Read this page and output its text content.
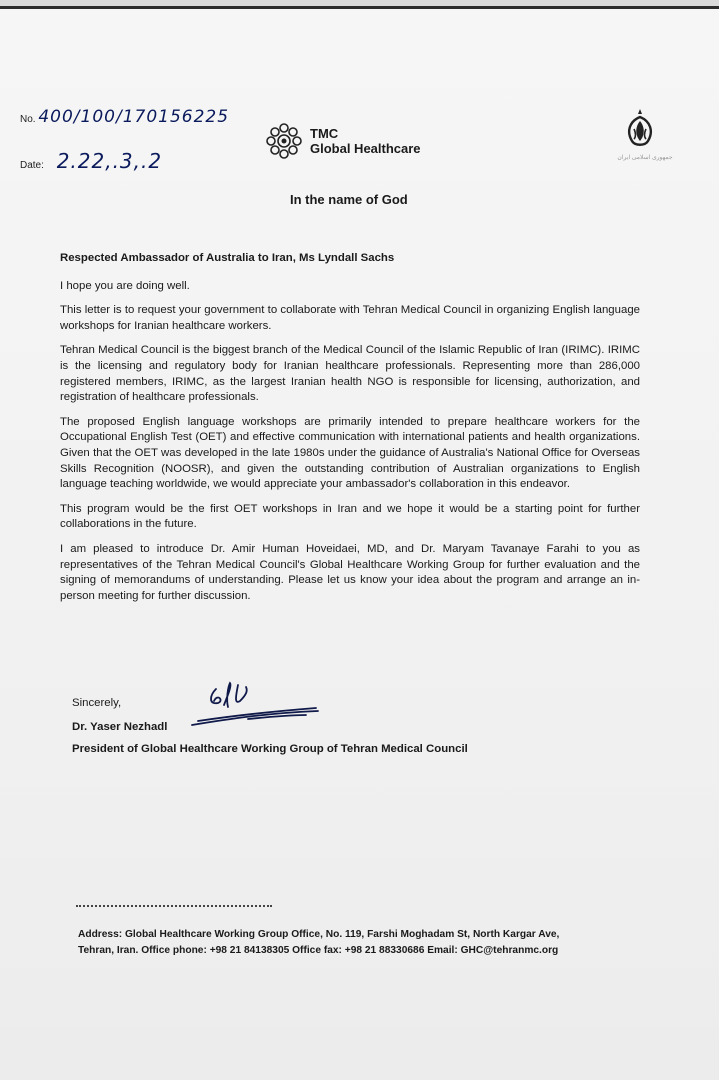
No. 400/100/170156225
Date: 2.22,.3,.2
TMC
Global Healthcare
جمهوری اسلامی ایران
In the name of God

Respected Ambassador of Australia to Iran, Ms Lyndall Sachs

I hope you are doing well.

This letter is to request your government to collaborate with Tehran Medical Council in organizing English language workshops for Iranian healthcare workers.

Tehran Medical Council is the biggest branch of the Medical Council of the Islamic Republic of Iran (IRIMC). IRIMC is the licensing and regulatory body for Iranian healthcare professionals. Representing more than 286,000 registered members, IRIMC, as the largest Iranian health NGO is responsible for licensing, authorization, and registration of healthcare professionals.

The proposed English language workshops are primarily intended to prepare healthcare workers for the Occupational English Test (OET) and effective communication with international patients and health organizations. Given that the OET was developed in the late 1980s under the guidance of Australia's National Office for Overseas Skills Recognition (NOOSR), and given the outstanding contribution of Australian organizations to English language teaching worldwide, we would appreciate your ambassador's collaboration in this endeavor.

This program would be the first OET workshops in Iran and we hope it would be a starting point for further collaborations in the future.

I am pleased to introduce Dr. Amir Human Hoveidaei, MD, and Dr. Maryam Tavanaye Farahi to you as representatives of the Tehran Medical Council's Global Healthcare Working Group for further evaluation and the signing of memorandums of understanding. Please let us know your idea about the program and arrange an in-person meeting for further discussion.

Sincerely,
Dr. Yaser Nezhadl
President of Global Healthcare Working Group of Tehran Medical Council
Address: Global Healthcare Working Group Office, No. 119, Farshi Moghadam St, North Kargar Ave,
Tehran, Iran. Office phone: +98 21 84138305 Office fax: +98 21 88330686 Email: GHC@tehranmc.org
